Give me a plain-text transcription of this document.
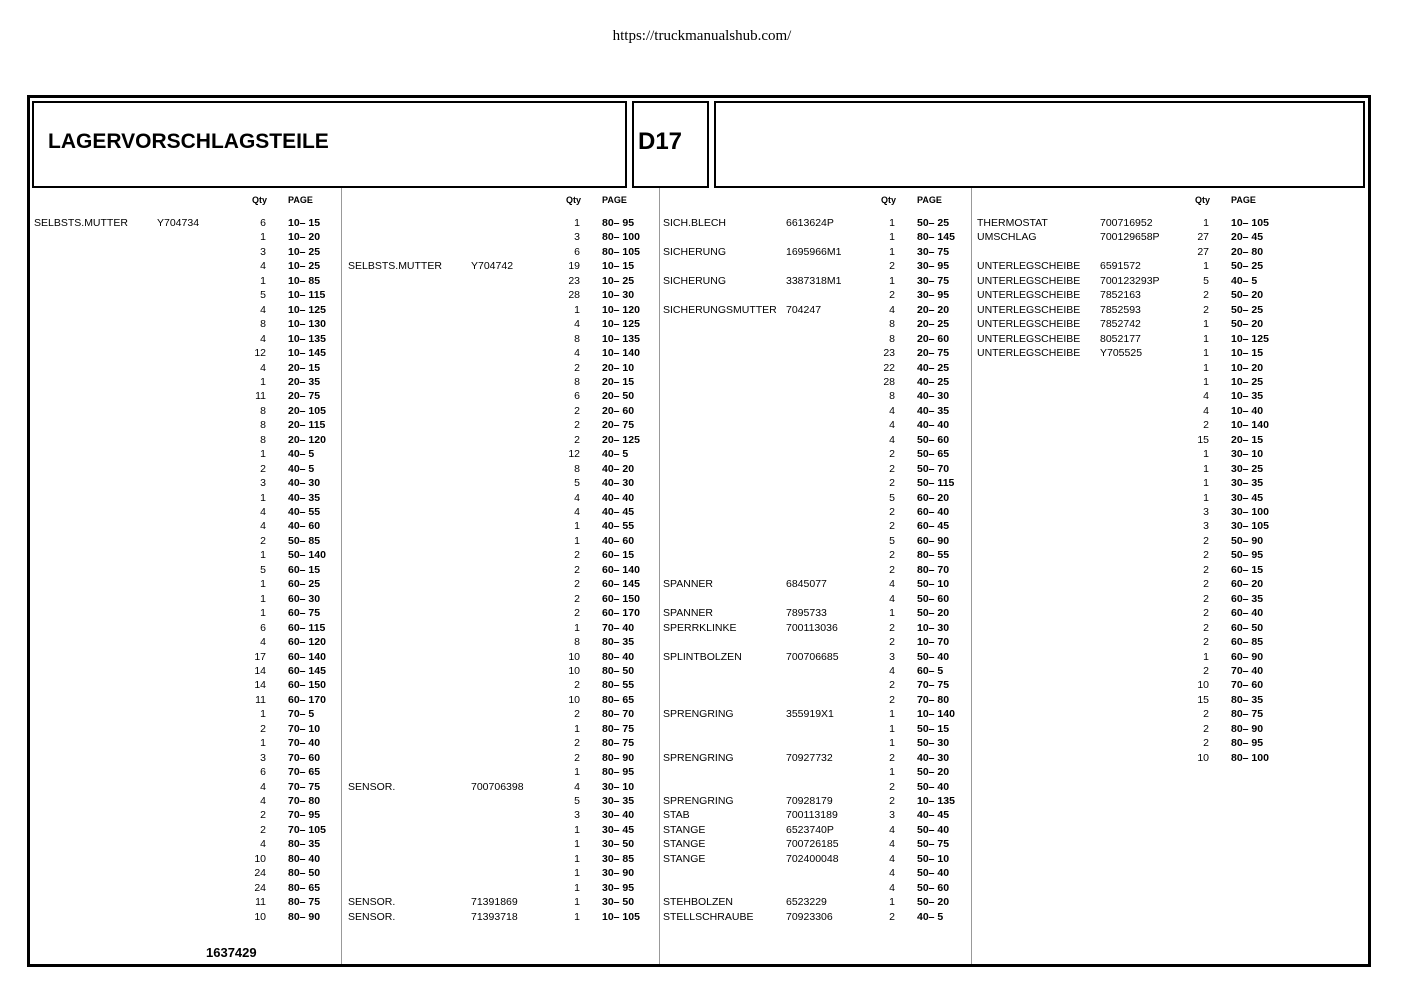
https://truckmanualshub.com/
LAGERVORSCHLAGSTEILE	D17
Qty PAGE
SELBSTS.MUTTER	Y704734	6 10– 15
1 10– 20
3 10– 25
4 10– 25
1 10– 85
5 10– 115
4 10– 125
8 10– 130
4 10– 135
12 10– 145
4 20– 15
1 20– 35
11 20– 75
8 20– 105
8 20– 115
8 20– 120
1 40– 5
2 40– 5
3 40– 30
1 40– 35
4 40– 55
4 40– 60
2 50– 85
1 50– 140
5 60– 15
1 60– 25
1 60– 30
1 60– 75
6 60– 115
4 60– 120
17 60– 140
14 60– 145
14 60– 150
11 60– 170
1 70– 5
2 70– 10
1 70– 40
3 70– 60
6 70– 65
4 70– 75
4 70– 80
2 70– 95
2 70– 105
4 80– 35
10 80– 40
24 80– 50
24 80– 65
11 80– 75
10 80– 90
Qty PAGE
1 80– 95
3 80– 100
6 80– 105
SELBSTS.MUTTER	Y704742	19 10– 15
23 10– 25
28 10– 30
1 10– 120
4 10– 125
8 10– 135
4 10– 140
2 20– 10
8 20– 15
6 20– 50
2 20– 60
2 20– 75
2 20– 125
12 40– 5
8 40– 20
5 40– 30
4 40– 40
4 40– 45
1 40– 55
1 40– 60
2 60– 15
2 60– 140
2 60– 145
2 60– 150
2 60– 170
1 70– 40
8 80– 35
10 80– 40
10 80– 50
2 80– 55
10 80– 65
2 80– 70
1 80– 75
2 80– 75
2 80– 90
1 80– 95
SENSOR.	700706398	4 30– 10
5 30– 35
3 30– 40
1 30– 45
1 30– 50
1 30– 85
1 30– 90
1 30– 95
SENSOR.	71391869	1 30– 50
SENSOR.	71393718	1 10– 105
Qty PAGE
SICH.BLECH	6613624P	1 50– 25
1 80– 145
SICHERUNG	1695966M1	1 30– 75
2 30– 95
SICHERUNG	3387318M1	1 30– 75
2 30– 95
SICHERUNGSMUTTER 704247	4 20– 20
8 20– 25
8 20– 60
23 20– 75
22 40– 25
28 40– 25
8 40– 30
4 40– 35
4 40– 40
4 50– 60
2 50– 65
2 50– 70
2 50– 115
5 60– 20
2 60– 40
2 60– 45
5 60– 90
2 80– 55
2 80– 70
SPANNER	6845077	4 50– 10
4 50– 60
SPANNER	7895733	1 50– 20
SPERRKLINKE	700113036	2 10– 30
2 10– 70
SPLINTBOLZEN	700706685	3 50– 40
4 60– 5
2 70– 75
2 70– 80
SPRENGRING	355919X1	1 10– 140
1 50– 15
1 50– 30
SPRENGRING	70927732	2 40– 30
1 50– 20
2 50– 40
SPRENGRING	70928179	2 10– 135
STAB	700113189	3 40– 45
STANGE	6523740P	4 50– 40
STANGE	700726185	4 50– 75
STANGE	702400048	4 50– 10
4 50– 40
4 50– 60
STEHBOLZEN	6523229	1 50– 20
STELLSCHRAUBE	70923306	2 40– 5
Qty PAGE
THERMOSTAT	700716952	1 10– 105
UMSCHLAG	700129658P	27 20– 45
27 20– 80
UNTERLEGSCHEIBE 6591572	1 50– 25
UNTERLEGSCHEIBE 700123293P	5 40– 5
UNTERLEGSCHEIBE 7852163	2 50– 20
UNTERLEGSCHEIBE 7852593	2 50– 25
UNTERLEGSCHEIBE 7852742	1 50– 20
UNTERLEGSCHEIBE 8052177	1 10– 125
UNTERLEGSCHEIBE Y705525	1 10– 15
1 10– 20
1 10– 25
4 10– 35
4 10– 40
2 10– 140
15 20– 15
1 30– 10
1 30– 25
1 30– 35
1 30– 45
3 30– 100
3 30– 105
2 50– 90
2 50– 95
2 60– 15
2 60– 20
2 60– 35
2 60– 40
2 60– 50
2 60– 85
1 60– 90
2 70– 40
10 70– 60
15 80– 35
2 80– 75
2 80– 90
2 80– 95
10 80– 100
1637429
